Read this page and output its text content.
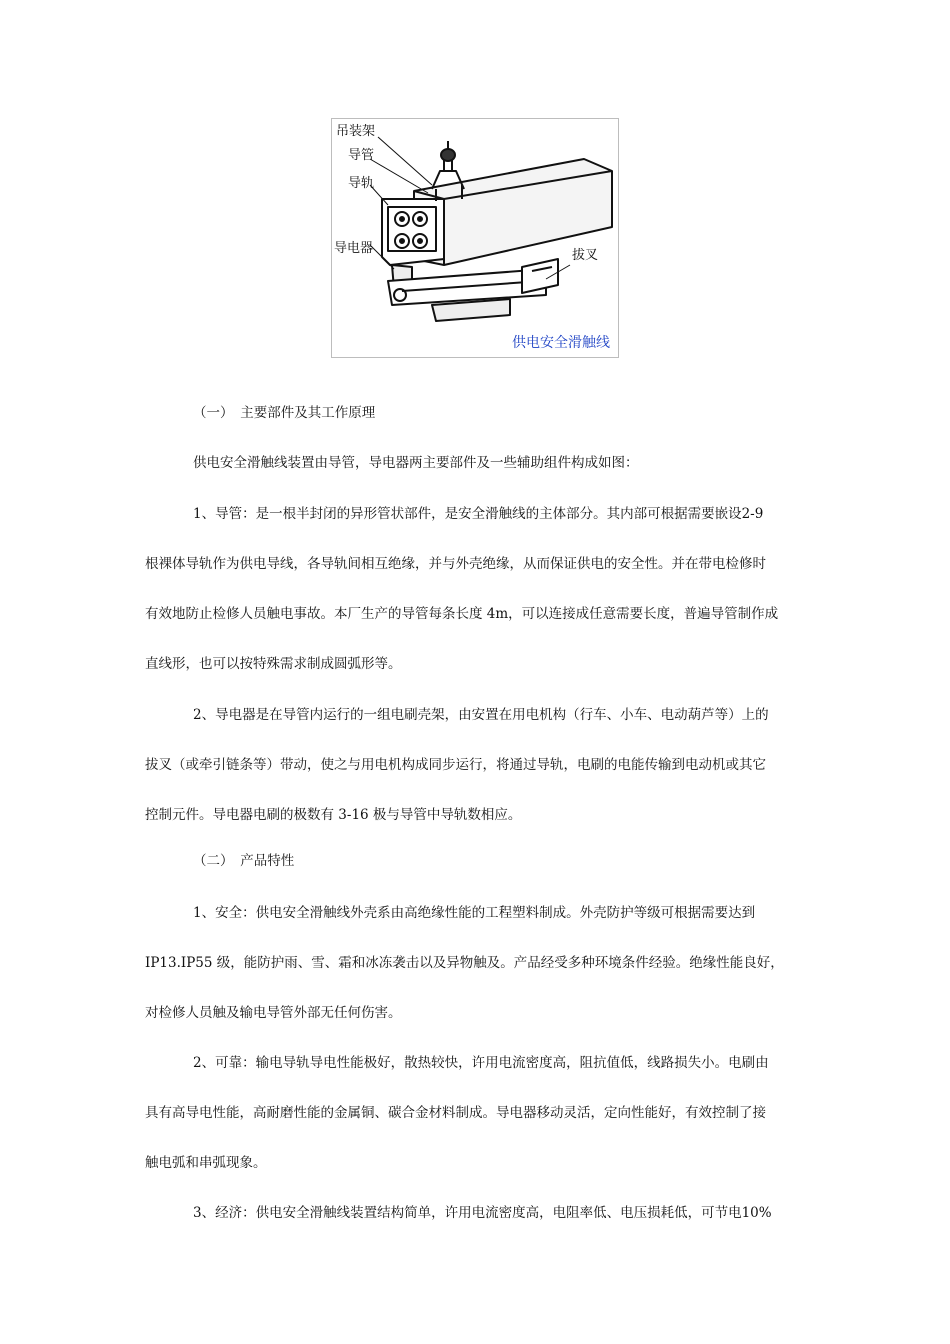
吊装架
导管
导轨
导电器	拔叉
供电安全滑触线
（一）　主要部件及其工作原理
供电安全滑触线装置由导管，导电器两主要部件及一些辅助组件构成如图：
1、导管：是一根半封闭的异形管状部件，是安全滑触线的主体部分。其内部可根据需要嵌设2-9
根裸体导轨作为供电导线，各导轨间相互绝缘，并与外壳绝缘，从而保证供电的安全性。并在带电检修时
有效地防止检修人员触电事故。本厂生产的导管每条长度 4m，可以连接成任意需要长度，普遍导管制作成
直线形，也可以按特殊需求制成圆弧形等。
2、导电器是在导管内运行的一组电刷壳架，由安置在用电机构（行车、小车、电动葫芦等）上的
拔叉（或牵引链条等）带动，使之与用电机构成同步运行，将通过导轨，电刷的电能传输到电动机或其它
控制元件。导电器电刷的极数有 3-16 极与导管中导轨数相应。
（二）　产品特性
1、安全：供电安全滑触线外壳系由高绝缘性能的工程塑料制成。外壳防护等级可根据需要达到
IP13.IP55 级，能防护雨、雪、霜和冰冻袭击以及异物触及。产品经受多种环境条件经验。绝缘性能良好，
对检修人员触及输电导管外部无任何伤害。
2、可靠：输电导轨导电性能极好，散热较快，许用电流密度高，阻抗值低，线路损失小。电刷由
具有高导电性能，高耐磨性能的金属铜、碳合金材料制成。导电器移动灵活，定向性能好，有效控制了接
触电弧和串弧现象。
3、经济：供电安全滑触线装置结构简单，许用电流密度高，电阻率低、电压损耗低，可节电10%
